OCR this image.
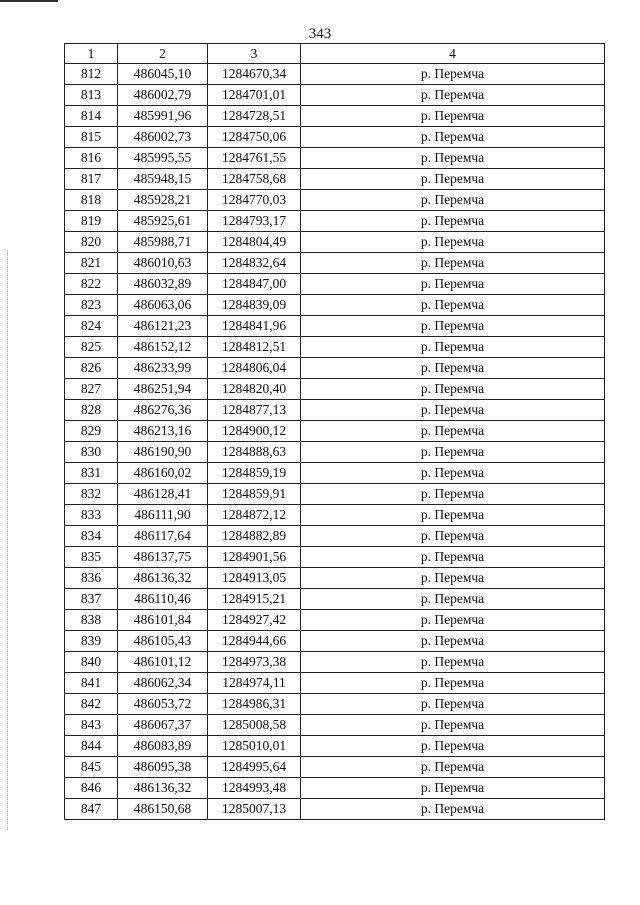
343
1	2	3	4
812	486045,10	1284670,34	р. Перемча
813	486002,79	1284701,01	р. Перемча
814	485991,96	1284728,51	р. Перемча
815	486002,73	1284750,06	р. Перемча
816	485995,55	1284761,55	р. Перемча
817	485948,15	1284758,68	р. Перемча
818	485928,21	1284770,03	р. Перемча
819	485925,61	1284793,17	р. Перемча
820	485988,71	1284804,49	р. Перемча
821	486010,63	1284832,64	р. Перемча
822	486032,89	1284847,00	р. Перемча
823	486063,06	1284839,09	р. Перемча
824	486121,23	1284841,96	р. Перемча
825	486152,12	1284812,51	р. Перемча
826	486233,99	1284806,04	р. Перемча
827	486251,94	1284820,40	р. Перемча
828	486276,36	1284877,13	р. Перемча
829	486213,16	1284900,12	р. Перемча
830	486190,90	1284888,63	р. Перемча
831	486160,02	1284859,19	р. Перемча
832	486128,41	1284859,91	р. Перемча
833	486111,90	1284872,12	р. Перемча
834	486117,64	1284882,89	р. Перемча
835	486137,75	1284901,56	р. Перемча
836	486136,32	1284913,05	р. Перемча
837	486110,46	1284915,21	р. Перемча
838	486101,84	1284927,42	р. Перемча
839	486105,43	1284944,66	р. Перемча
840	486101,12	1284973,38	р. Перемча
841	486062,34	1284974,11	р. Перемча
842	486053,72	1284986,31	р. Перемча
843	486067,37	1285008,58	р. Перемча
844	486083,89	1285010,01	р. Перемча
845	486095,38	1284995,64	р. Перемча
846	486136,32	1284993,48	р. Перемча
847	486150,68	1285007,13	р. Перемча
